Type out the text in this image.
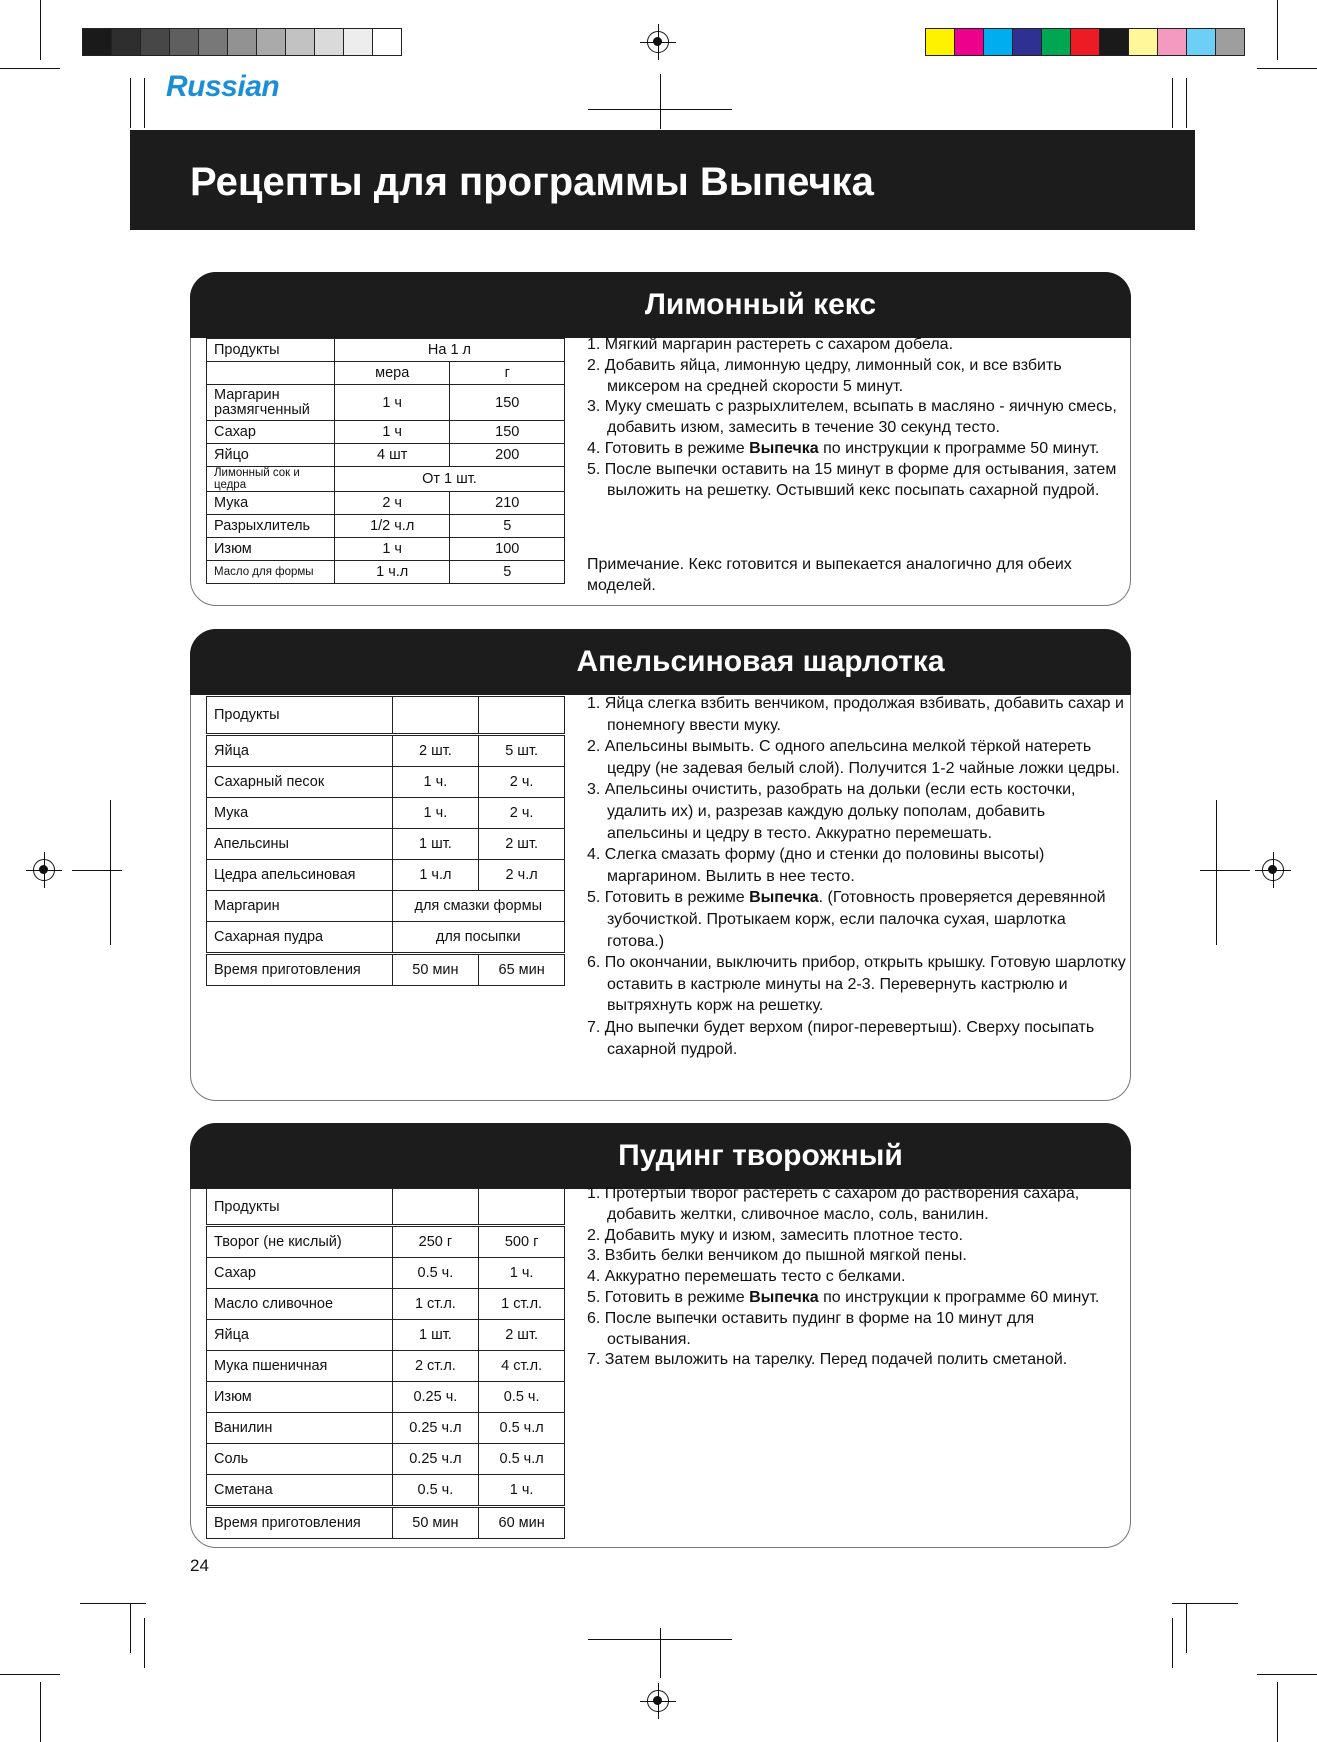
Russian
Рецепты для программы Выпечка
Лимонный кекс
Продукты	На 1 л	
	мера	г
Маргарин размягченный	1 ч	150
Сахар	1 ч	150
Яйцо	4 шт	200
Лимонный сок и цедра	От 1 шт.	
Мука	2 ч	210
Разрыхлитель	1/2 ч.л	5
Изюм	1 ч	100
Масло для формы	1 ч.л	5
1. Мягкий маргарин растереть с сахаром добела.
2. Добавить яйца, лимонную цедру, лимонный сок, и все взбить миксером на средней скорости 5 минут.
3. Муку смешать с разрыхлителем, всыпать в масляно - яичную смесь, добавить изюм, замесить в течение 30 секунд тесто.
4. Готовить в режиме Выпечка по инструкции к программе 50 минут.
5. После выпечки оставить на 15 минут в форме для остывания, затем выложить на решетку. Остывший кекс посыпать сахарной пудрой.
Примечание. Кекс готовится и выпекается аналогично для обеих моделей.
Апельсиновая шарлотка
Продукты		
Яйца	2 шт.	5 шт.
Сахарный песок	1 ч.	2 ч.
Мука	1 ч.	2 ч.
Апельсины	1 шт.	2 шт.
Цедра апельсиновая	1 ч.л	2 ч.л
Маргарин	для смазки формы	
Сахарная пудра	для посыпки	
Время приготовления	50 мин	65 мин
1. Яйца слегка взбить венчиком, продолжая взбивать, добавить сахар и понемногу ввести муку.
2. Апельсины вымыть. С одного апельсина мелкой тёркой натереть цедру (не задевая белый слой). Получится 1-2 чайные ложки цедры.
3. Апельсины очистить, разобрать на дольки (если есть косточки, удалить их) и, разрезав каждую дольку пополам, добавить апельсины и цедру в тесто. Аккуратно перемешать.
4. Слегка смазать форму (дно и стенки до половины высоты) маргарином. Вылить в нее тесто.
5. Готовить в режиме Выпечка. (Готовность проверяется деревянной зубочисткой. Протыкаем корж, если палочка сухая, шарлотка готова.)
6. По окончании, выключить прибор, открыть крышку. Готовую шарлотку оставить в кастрюле минуты на 2-3. Перевернуть кастрюлю и вытряхнуть корж на решетку.
7. Дно выпечки будет верхом (пирог-перевертыш). Сверху посыпать сахарной пудрой.
Пудинг творожный
Продукты		
Творог (не кислый)	250 г	500 г
Сахар	0.5 ч.	1 ч.
Масло сливочное	1 ст.л.	1 ст.л.
Яйца	1 шт.	2 шт.
Мука пшеничная	2 ст.л.	4 ст.л.
Изюм	0.25 ч.	0.5 ч.
Ванилин	0.25 ч.л	0.5 ч.л
Соль	0.25 ч.л	0.5 ч.л
Сметана	0.5 ч.	1 ч.
Время приготовления	50 мин	60 мин
1. Протертый творог растереть с сахаром до растворения сахара, добавить желтки, сливочное масло, соль, ванилин.
2. Добавить муку и изюм, замесить плотное тесто.
3. Взбить белки венчиком до пышной мягкой пены.
4. Аккуратно перемешать тесто с белками.
5. Готовить в режиме Выпечка по инструкции к программе 60 минут.
6. После выпечки оставить пудинг в форме на 10 минут для остывания.
7. Затем выложить на тарелку. Перед подачей полить сметаной.
24
